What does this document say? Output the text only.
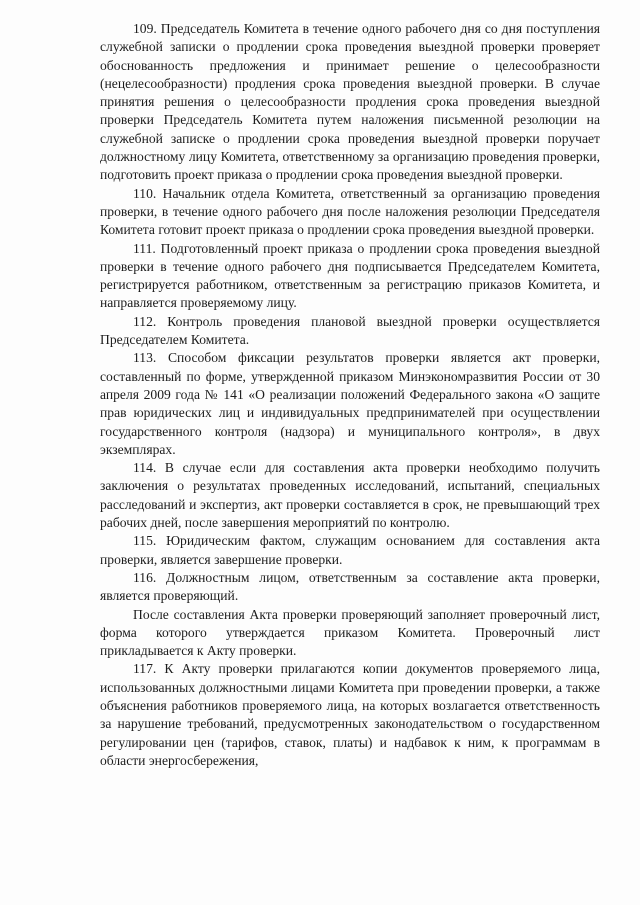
109. Председатель Комитета в течение одного рабочего дня со дня поступления служебной записки о продлении срока проведения выездной проверки проверяет обоснованность предложения и принимает решение о целесообразности (нецелесообразности) продления срока проведения выездной проверки. В случае принятия решения о целесообразности продления срока проведения выездной проверки Председатель Комитета путем наложения письменной резолюции на служебной записке о продлении срока проведения выездной проверки поручает должностному лицу Комитета, ответственному за организацию проведения проверки, подготовить проект приказа о продлении срока проведения выездной проверки.

110. Начальник отдела Комитета, ответственный за организацию проведения проверки, в течение одного рабочего дня после наложения резолюции Председателя Комитета готовит проект приказа о продлении срока проведения выездной проверки.

111. Подготовленный проект приказа о продлении срока проведения выездной проверки в течение одного рабочего дня подписывается Председателем Комитета, регистрируется работником, ответственным за регистрацию приказов Комитета, и направляется проверяемому лицу.

112. Контроль проведения плановой выездной проверки осуществляется Председателем Комитета.

113. Способом фиксации результатов проверки является акт проверки, составленный по форме, утвержденной приказом Минэкономразвития России от 30 апреля 2009 года № 141 «О реализации положений Федерального закона «О защите прав юридических лиц и индивидуальных предпринимателей при осуществлении государственного контроля (надзора) и муниципального контроля», в двух экземплярах.

114. В случае если для составления акта проверки необходимо получить заключения о результатах проведенных исследований, испытаний, специальных расследований и экспертиз, акт проверки составляется в срок, не превышающий трех рабочих дней, после завершения мероприятий по контролю.

115. Юридическим фактом, служащим основанием для составления акта проверки, является завершение проверки.

116. Должностным лицом, ответственным за составление акта проверки, является проверяющий.

После составления Акта проверки проверяющий заполняет проверочный лист, форма которого утверждается приказом Комитета. Проверочный лист прикладывается к Акту проверки.

117. К Акту проверки прилагаются копии документов проверяемого лица, использованных должностными лицами Комитета при проведении проверки, а также объяснения работников проверяемого лица, на которых возлагается ответственность за нарушение требований, предусмотренных законодательством о государственном регулировании цен (тарифов, ставок, платы) и надбавок к ним, к программам в области энергосбережения,
